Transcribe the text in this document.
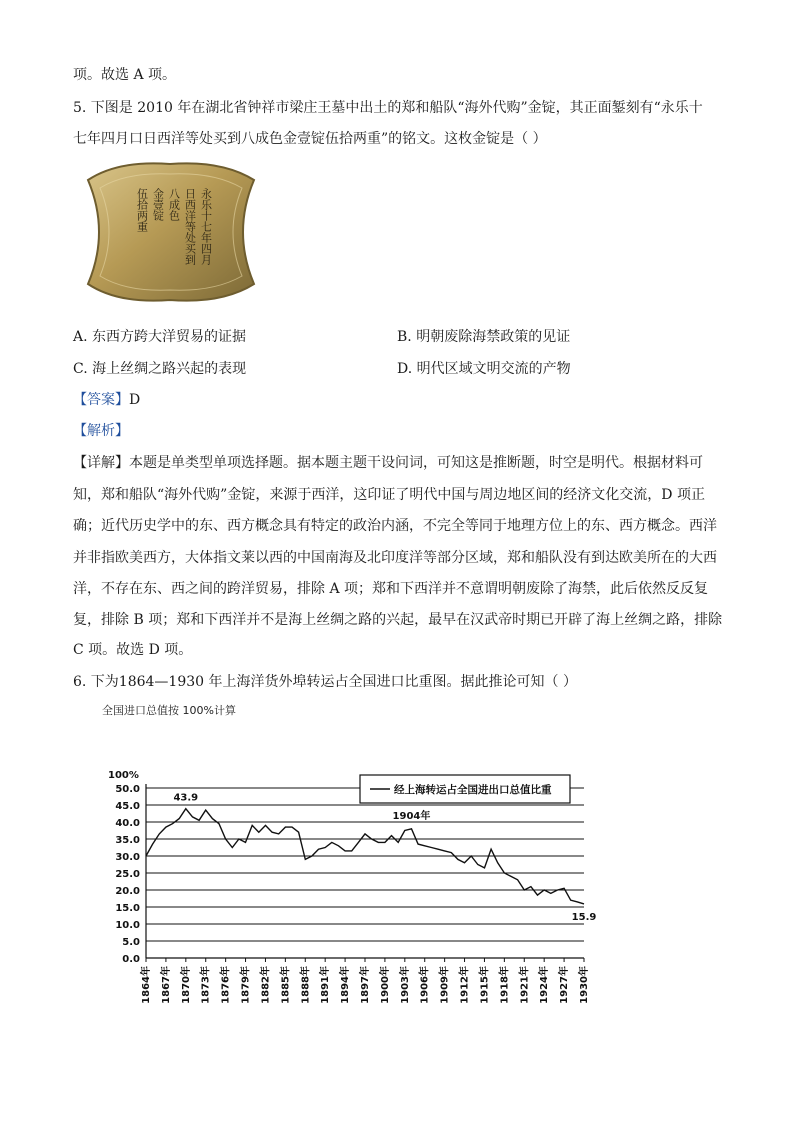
项。故选 A 项。
5. 下图是 2010 年在湖北省钟祥市梁庄王墓中出土的郑和船队“海外代购”金锭，其正面錾刻有“永乐十
七年四月口日西洋等处买到八成色金壹锭伍拾两重”的铭文。这枚金锭是（ ）
永乐十七年四月
日西洋等处买到
八成色
金壹锭
伍拾两重
A. 东西方跨大洋贸易的证据	B. 明朝废除海禁政策的见证
C. 海上丝绸之路兴起的表现	D. 明代区域文明交流的产物
【答案】D
【解析】
【详解】本题是单类型单项选择题。据本题主题干设问词，可知这是推断题，时空是明代。根据材料可
知，郑和船队“海外代购”金锭，来源于西洋，这印证了明代中国与周边地区间的经济文化交流，D 项正
确；近代历史学中的东、西方概念具有特定的政治内涵，不完全等同于地理方位上的东、西方概念。西洋
并非指欧美西方，大体指文莱以西的中国南海及北印度洋等部分区域，郑和船队没有到达欧美所在的大西
洋，不存在东、西之间的跨洋贸易，排除 A 项；郑和下西洋并不意谓明朝废除了海禁，此后依然反反复
复，排除 B 项；郑和下西洋并不是海上丝绸之路的兴起，最早在汉武帝时期已开辟了海上丝绸之路，排除
C 项。故选 D 项。
6. 下为1864—1930 年上海洋货外埠转运占全国进口比重图。据此推论可知（ ）
全国进口总值按 100%计算
0.0
5.0
10.0
15.0
20.0
25.0
30.0
35.0
40.0
45.0
50.0
100%
1864年 1867年 1870年 1873年 1876年 1879年 1882年 1885年 1888年 1891年 1894年 1897年 1900年 1903年 1906年 1909年 1912年 1915年 1918年 1921年 1924年 1927年 1930年
43.9
1904年
15.9
经上海转运占全国进出口总值比重
